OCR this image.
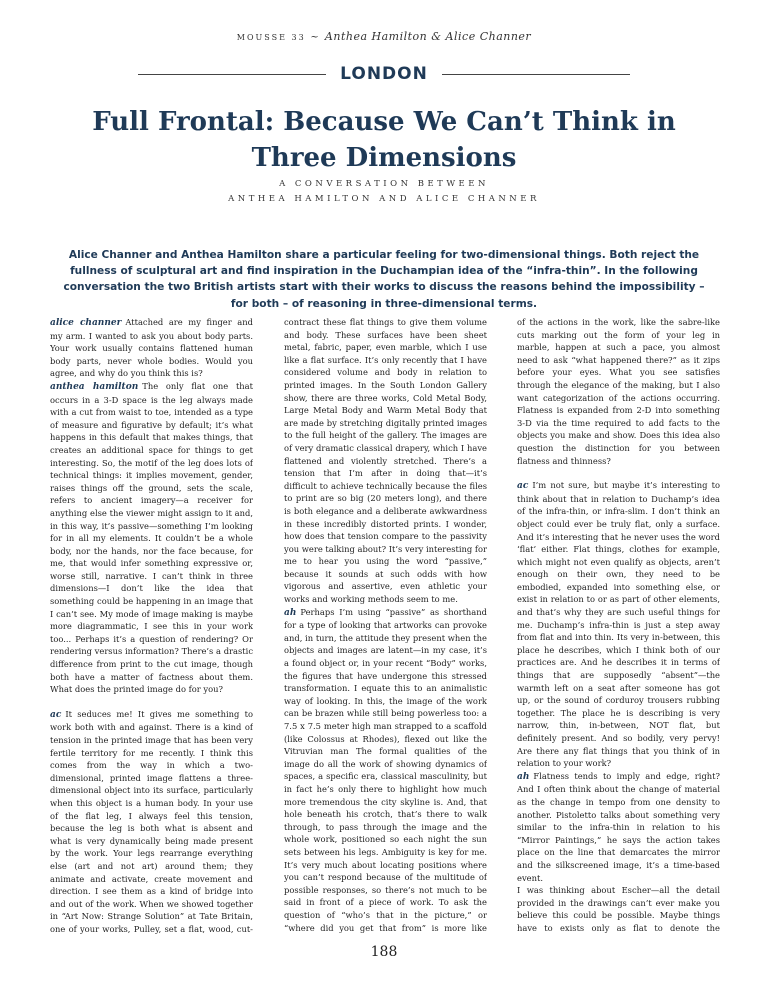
MOUSSE 33 ~ Anthea Hamilton & Alice Channer
LONDON
Full Frontal: Because We Can’t Think in Three Dimensions
A CONVERSATION BETWEEN
ANTHEA HAMILTON AND ALICE CHANNER

Alice Channer and Anthea Hamilton share a particular feeling for two-dimensional things. Both reject the fullness of sculptural art and find inspiration in the Duchampian idea of the “infra-thin”. In the following conversation the two British artists start with their works to discuss the reasons behind the impossibility – for both – of reasoning in three-dimensional terms.

alice channer Attached are my finger and my arm. I wanted to ask you about body parts. Your work usually contains flattened human body parts, never whole bodies. Would you agree, and why do you think this is?

anthea hamilton The only flat one that occurs in a 3-D space is the leg always made with a cut from waist to toe, intended as a type of measure and figurative by default; it’s what happens in this default that makes things, that creates an additional space for things to get interesting. So, the motif of the leg does lots of technical things: it implies movement, gender, raises things off the ground, sets the scale, refers to ancient imagery—a receiver for anything else the viewer might assign to it and, in this way, it’s passive—something I’m looking for in all my elements. It couldn’t be a whole body, nor the hands, nor the face because, for me, that would infer something expressive or, worse still, narrative. I can’t think in three dimensions—I don’t like the idea that something could be happening in an image that I can’t see. My mode of image making is maybe more diagrammatic, I see this in your work too... Perhaps it’s a question of rendering? Or rendering versus information? There’s a drastic difference from print to the cut image, though both have a matter of factness about them. What does the printed image do for you?

ac It seduces me! It gives me something to work both with and against. There is a kind of tension in the printed image that has been very fertile territory for me recently. I think this comes from the way in which a two-dimensional, printed image flattens a three-dimensional object into its surface, particularly when this object is a human body. In your use of the flat leg, I always feel this tension, because the leg is both what is absent and what is very dynamically being made present by the work. Your legs rearrange everything else (art and not art) around them; they animate and activate, create movement and direction. I see them as a kind of bridge into and out of the work. When we showed together in “Art Now: Strange Solution” at Tate Britain, one of your works, Pulley, set a flat, wood, cut-

contract these flat things to give them volume and body. These surfaces have been sheet metal, fabric, paper, even marble, which I use like a flat surface. It’s only recently that I have considered volume and body in relation to printed images. In the South London Gallery show, there are three works, Cold Metal Body, Large Metal Body and Warm Metal Body that are made by stretching digitally printed images to the full height of the gallery. The images are of very dramatic classical drapery, which I have flattened and violently stretched. There’s a tension that I’m after in doing that—it’s difficult to achieve technically because the files to print are so big (20 meters long), and there is both elegance and a deliberate awkwardness in these incredibly distorted prints. I wonder, how does that tension compare to the passivity you were talking about? It’s very interesting for me to hear you using the word “passive,” because it sounds at such odds with how vigorous and assertive, even athletic your works and working methods seem to me.

ah Perhaps I’m using “passive” as shorthand for a type of looking that artworks can provoke and, in turn, the attitude they present when the objects and images are latent—in my case, it’s a found object or, in your recent “Body” works, the figures that have undergone this stressed transformation. I equate this to an animalistic way of looking. In this, the image of the work can be brazen while still being powerless too: a 7.5 x 7.5 meter high man strapped to a scaffold (like Colossus at Rhodes), flexed out like the Vitruvian man The formal qualities of the image do all the work of showing dynamics of spaces, a specific era, classical masculinity, but in fact he’s only there to highlight how much more tremendous the city skyline is. And, that hole beneath his crotch, that’s there to walk through, to pass through the image and the whole work, positioned so each night the sun sets between his legs. Ambiguity is key for me. It’s very much about locating positions where you can’t respond because of the multitude of possible responses, so there’s not much to be said in front of a piece of work. To ask the question of “who’s that in the picture,” or “where did you get that from” is more like

of the actions in the work, like the sabre-like cuts marking out the form of your leg in marble, happen at such a pace, you almost need to ask “what happened there?” as it zips before your eyes. What you see satisfies through the elegance of the making, but I also want categorization of the actions occurring. Flatness is expanded from 2-D into something 3-D via the time required to add facts to the objects you make and show. Does this idea also question the distinction for you between flatness and thinness?

ac I’m not sure, but maybe it’s interesting to think about that in relation to Duchamp’s idea of the infra-thin, or infra-slim. I don’t think an object could ever be truly flat, only a surface. And it’s interesting that he never uses the word ‘flat’ either. Flat things, clothes for example, which might not even qualify as objects, aren’t enough on their own, they need to be embodied, expanded into something else, or exist in relation to or as part of other elements, and that’s why they are such useful things for me. Duchamp’s infra-thin is just a step away from flat and into thin. Its very in-between, this place he describes, which I think both of our practices are. And he describes it in terms of things that are supposedly “absent”—the warmth left on a seat after someone has got up, or the sound of corduroy trousers rubbing together. The place he is describing is very narrow, thin, in-between, NOT flat, but definitely present. And so bodily, very pervy! Are there any flat things that you think of in relation to your work?

ah Flatness tends to imply and edge, right? And I often think about the change of material as the change in tempo from one density to another. Pistoletto talks about something very similar to the infra-thin in relation to his “Mirror Paintings,” he says the action takes place on the line that demarcates the mirror and the silkscreened image, it’s a time-based event.

I was thinking about Escher—all the detail provided in the drawings can’t ever make you believe this could be possible. Maybe things have to exists only as flat to denote the

188
